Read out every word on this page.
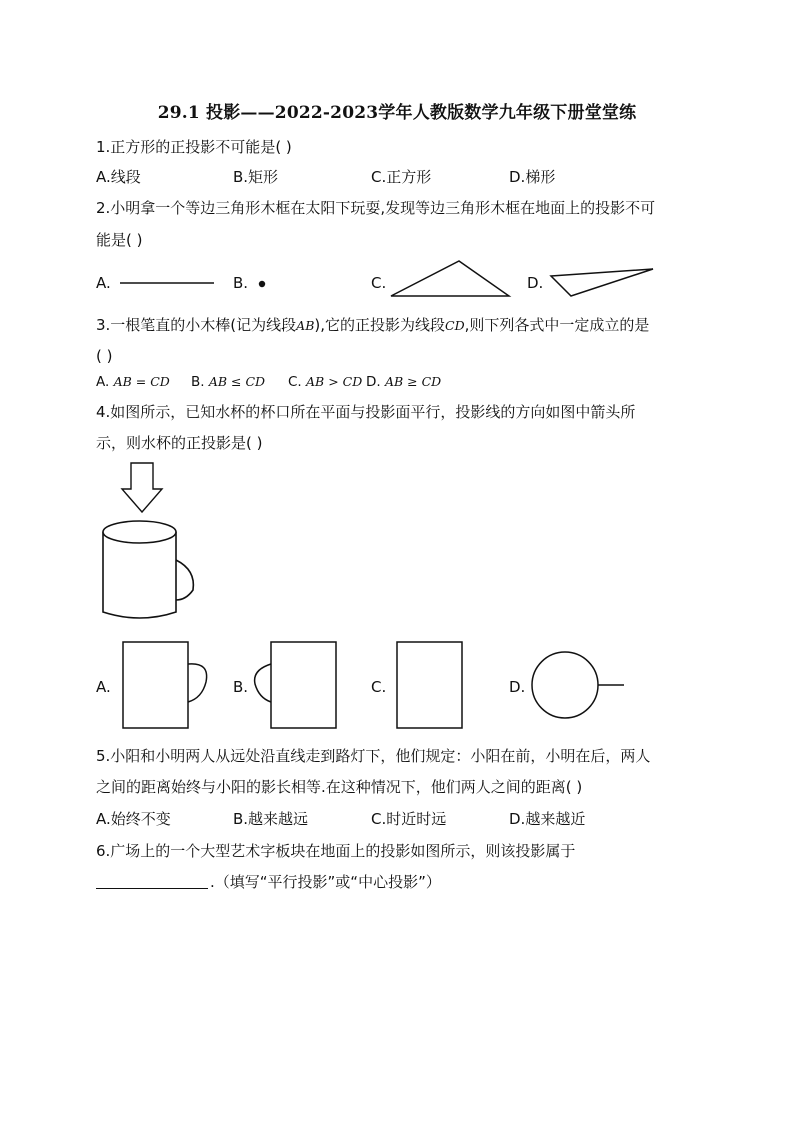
29.1 投影——2022-2023学年人教版数学九年级下册堂堂练
1.正方形的正投影不可能是( )
A.线段	B.矩形	C.正方形	D.梯形
2.小明拿一个等边三角形木框在太阳下玩耍,发现等边三角形木框在地面上的投影不可
能是( )
A.	B.	C.	D.
3.一根笔直的小木棒(记为线段AB),它的正投影为线段CD,则下列各式中一定成立的是
( )
A. AB = CD B. AB ≤ CD C. AB > CD D. AB ≥ CD
4.如图所示，已知水杯的杯口所在平面与投影面平行，投影线的方向如图中箭头所
示，则水杯的正投影是( )
A.	B.	C.	D.
5.小阳和小明两人从远处沿直线走到路灯下，他们规定：小阳在前，小明在后，两人
之间的距离始终与小阳的影长相等.在这种情况下，他们两人之间的距离( )
A.始终不变	B.越来越远	C.时近时远	D.越来越近
6.广场上的一个大型艺术字板块在地面上的投影如图所示，则该投影属于
.（填写“平行投影”或“中心投影”）
